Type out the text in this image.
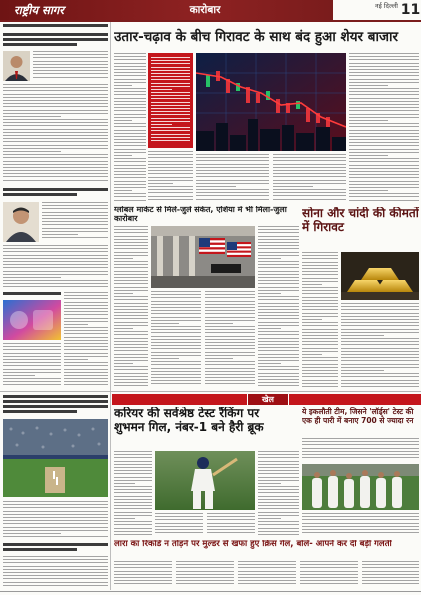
राष्ट्रीय सागर	कारोबार	नई दिल्ली 11
उतार-चढ़ाव के बीच गिरावट के साथ बंद हुआ शेयर बाजार
ग्लोबल मार्केट से मिले-जुले संकेत, एशिया में भी मिला-जुला कारोबार	सोना और चांदी की कीमतों में गिरावट
खेल
करियर की सर्वश्रेष्ठ टेस्ट रैंकिंग पर
शुभमन गिल, नंबर-1 बने हैरी ब्रूक
ये इकलौती टीम, जिसने 'लॉर्ड्स' टेस्ट की एक ही पारी में बनाए 700 से ज्यादा रन
लारा का रिकॉर्ड न तोड़ने पर मुल्डर से खफा हुए क्रिस गेल, बोले- आपने कर दी बड़ी गलती
